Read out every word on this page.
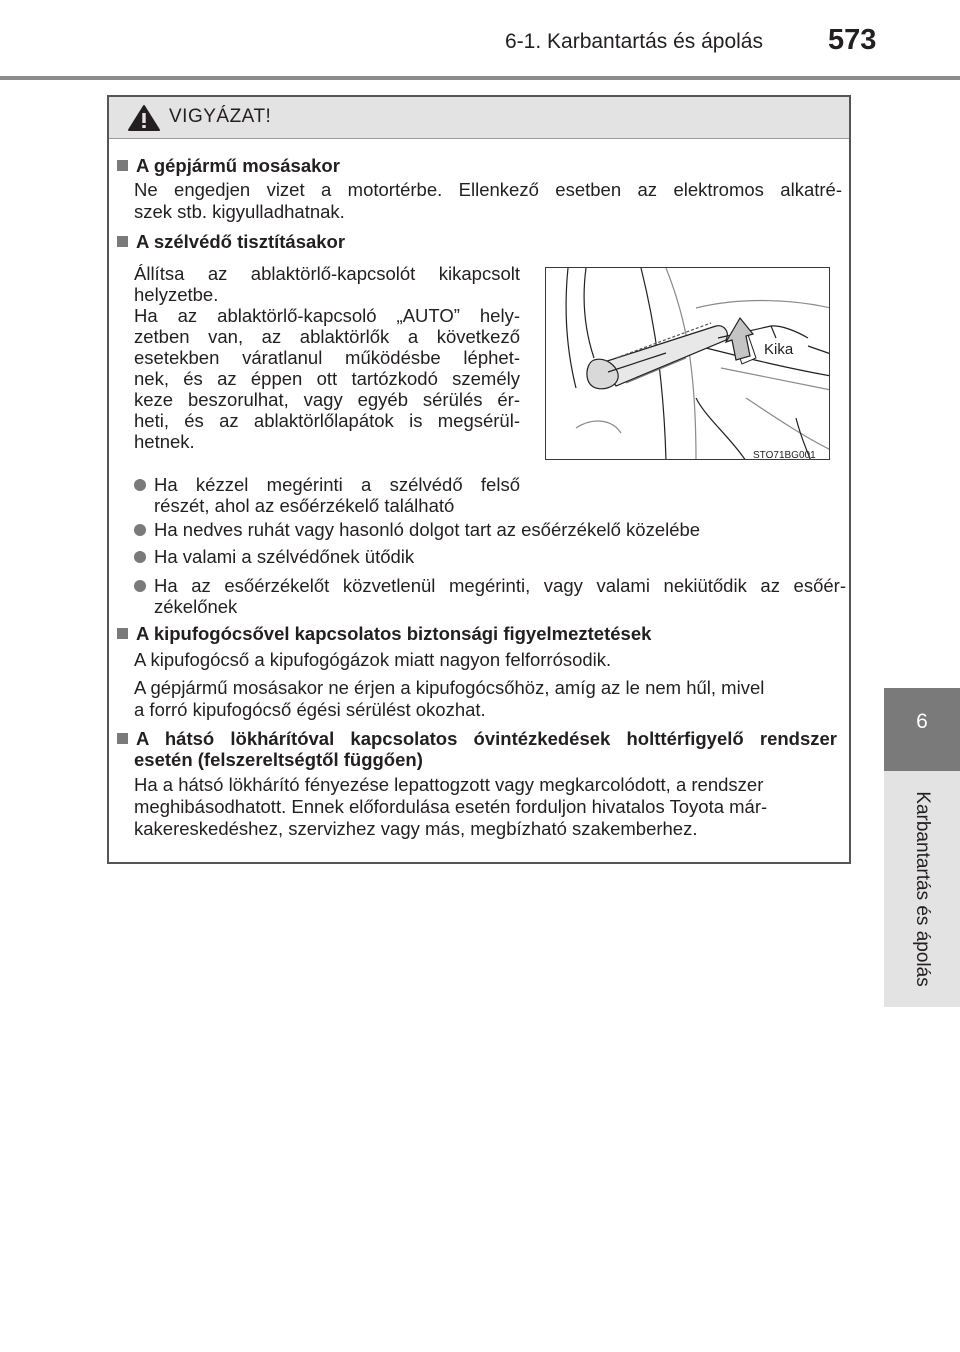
6-1. Karbantartás és ápolás 573
6
Karbantartás és ápolás
VIGYÁZAT!
A gépjármű mosásakor
Ne engedjen vizet a motortérbe. Ellenkező esetben az elektromos alkatré-
szek stb. kigyulladhatnak.
A szélvédő tisztításakor
Állítsa az ablaktörlő-kapcsolót kikapcsolt
helyzetbe.
Ha az ablaktörlő-kapcsoló „AUTO” hely-
zetben van, az ablaktörlők a következő
esetekben váratlanul működésbe léphet-
nek, és az éppen ott tartózkodó személy
keze beszorulhat, vagy egyéb sérülés ér-
heti, és az ablaktörlőlapátok is megsérül-
hetnek.
Ha kézzel megérinti a szélvédő felső
részét, ahol az esőérzékelő található
Ha nedves ruhát vagy hasonló dolgot tart az esőérzékelő közelébe
Ha valami a szélvédőnek ütődik
Ha az esőérzékelőt közvetlenül megérinti, vagy valami nekiütődik az esőér-
zékelőnek
Kika
STO71BG001
A kipufogócsővel kapcsolatos biztonsági figyelmeztetések
A kipufogócső a kipufogógázok miatt nagyon felforrósodik.
A gépjármű mosásakor ne érjen a kipufogócsőhöz, amíg az le nem hűl, mivel
a forró kipufogócső égési sérülést okozhat.
A hátsó lökhárítóval kapcsolatos óvintézkedések holttérfigyelő rendszer
esetén (felszereltségtől függően)
Ha a hátsó lökhárító fényezése lepattogzott vagy megkarcolódott, a rendszer
meghibásodhatott. Ennek előfordulása esetén forduljon hivatalos Toyota már-
kakereskedéshez, szervizhez vagy más, megbízható szakemberhez.
